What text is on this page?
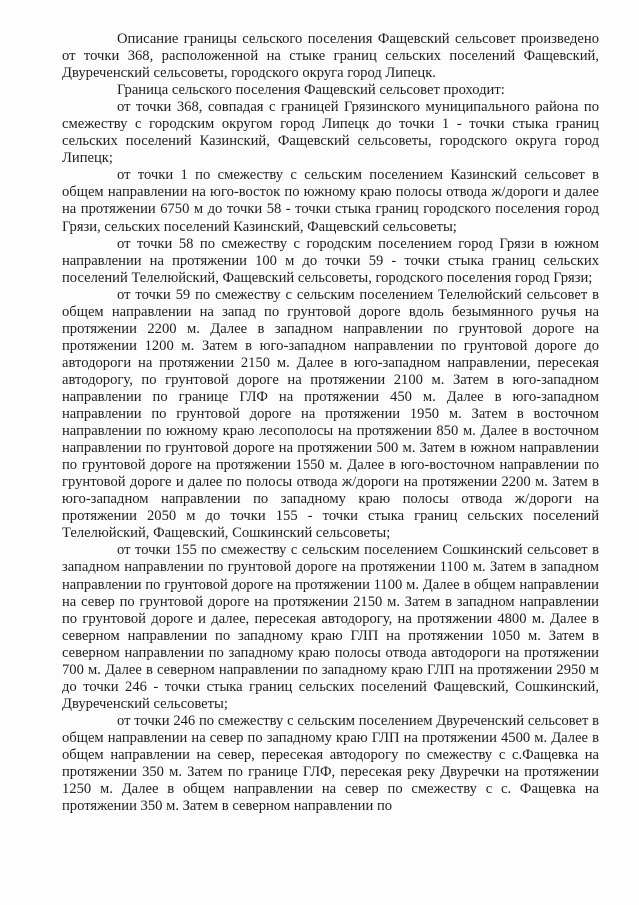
Описание границы сельского поселения Фащевский сельсовет произведено от точки 368, расположенной на стыке границ сельских поселений Фащевский, Двуреченский сельсоветы, городского округа город Липецк.

Граница сельского поселения Фащевский сельсовет проходит:

от точки 368, совпадая с границей Грязинского муниципального района по смежеству с городским округом город Липецк до точки 1 - точки стыка границ сельских поселений Казинский, Фащевский сельсоветы, городского округа город Липецк;

от точки 1 по смежеству с сельским поселением Казинский сельсовет в общем направлении на юго-восток по южному краю полосы отвода ж/дороги и далее на протяжении 6750 м до точки 58 - точки стыка границ городского поселения город Грязи, сельских поселений Казинский, Фащевский сельсоветы;

от точки 58 по смежеству с городским поселением город Грязи в южном направлении на протяжении 100 м до точки 59 - точки стыка границ сельских поселений Телелюйский, Фащевский сельсоветы, городского поселения город Грязи;

от точки 59 по смежеству с сельским поселением Телелюйский сельсовет в общем направлении на запад по грунтовой дороге вдоль безымянного ручья на протяжении 2200 м. Далее в западном направлении по грунтовой дороге на протяжении 1200 м. Затем в юго-западном направлении по грунтовой дороге до автодороги на протяжении 2150 м. Далее в юго-западном направлении, пересекая автодорогу, по грунтовой дороге на протяжении 2100 м. Затем в юго-западном направлении по границе ГЛФ на протяжении 450 м. Далее в юго-западном направлении по грунтовой дороге на протяжении 1950 м. Затем в восточном направлении по южному краю лесополосы на протяжении 850 м. Далее в восточном направлении по грунтовой дороге на протяжении 500 м. Затем в южном направлении по грунтовой дороге на протяжении 1550 м. Далее в юго-восточном направлении по грунтовой дороге и далее по полосы отвода ж/дороги на протяжении 2200 м. Затем в юго-западном направлении по западному краю полосы отвода ж/дороги на протяжении 2050 м до точки 155 - точки стыка границ сельских поселений Телелюйский, Фащевский, Сошкинский сельсоветы;

от точки 155 по смежеству с сельским поселением Сошкинский сельсовет в западном направлении по грунтовой дороге на протяжении 1100 м. Затем в западном направлении по грунтовой дороге на протяжении 1100 м. Далее в общем направлении на север по грунтовой дороге на протяжении 2150 м. Затем в западном направлении по грунтовой дороге и далее, пересекая автодорогу, на протяжении 4800 м. Далее в северном направлении по западному краю ГЛП на протяжении 1050 м. Затем в северном направлении по западному краю полосы отвода автодороги на протяжении 700 м. Далее в северном направлении по западному краю ГЛП на протяжении 2950 м до точки 246 - точки стыка границ сельских поселений Фащевский, Сошкинский, Двуреченский сельсоветы;

от точки 246 по смежеству с сельским поселением Двуреченский сельсовет в общем направлении на север по западному краю ГЛП на протяжении 4500 м. Далее в общем направлении на север, пересекая автодорогу по смежеству с с.Фащевка на протяжении 350 м. Затем по границе ГЛФ, пересекая реку Двуречки на протяжении 1250 м. Далее в общем направлении на север по смежеству с с. Фащевка на протяжении 350 м. Затем в северном направлении по
